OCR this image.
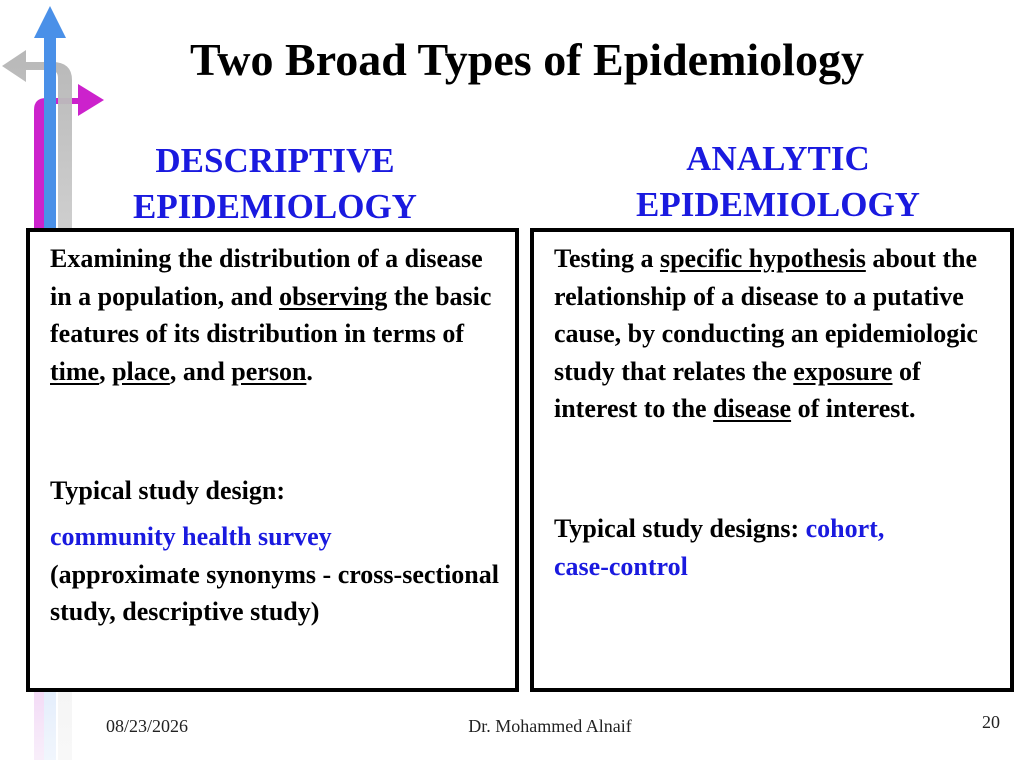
Two Broad Types of Epidemiology
DESCRIPTIVE
EPIDEMIOLOGY
ANALYTIC
EPIDEMIOLOGY

Examining the distribution of a disease in a population, and observing the basic features of its distribution in terms of time, place, and person.

Typical study design:

community health survey
(approximate synonyms - cross-sectional study, descriptive study)

Testing a specific hypothesis about the relationship of a disease to a putative cause, by conducting an epidemiologic study that relates the exposure of interest to the disease of interest.

Typical study designs: cohort,
case-control

08/23/2026	Dr. Mohammed Alnaif	20
